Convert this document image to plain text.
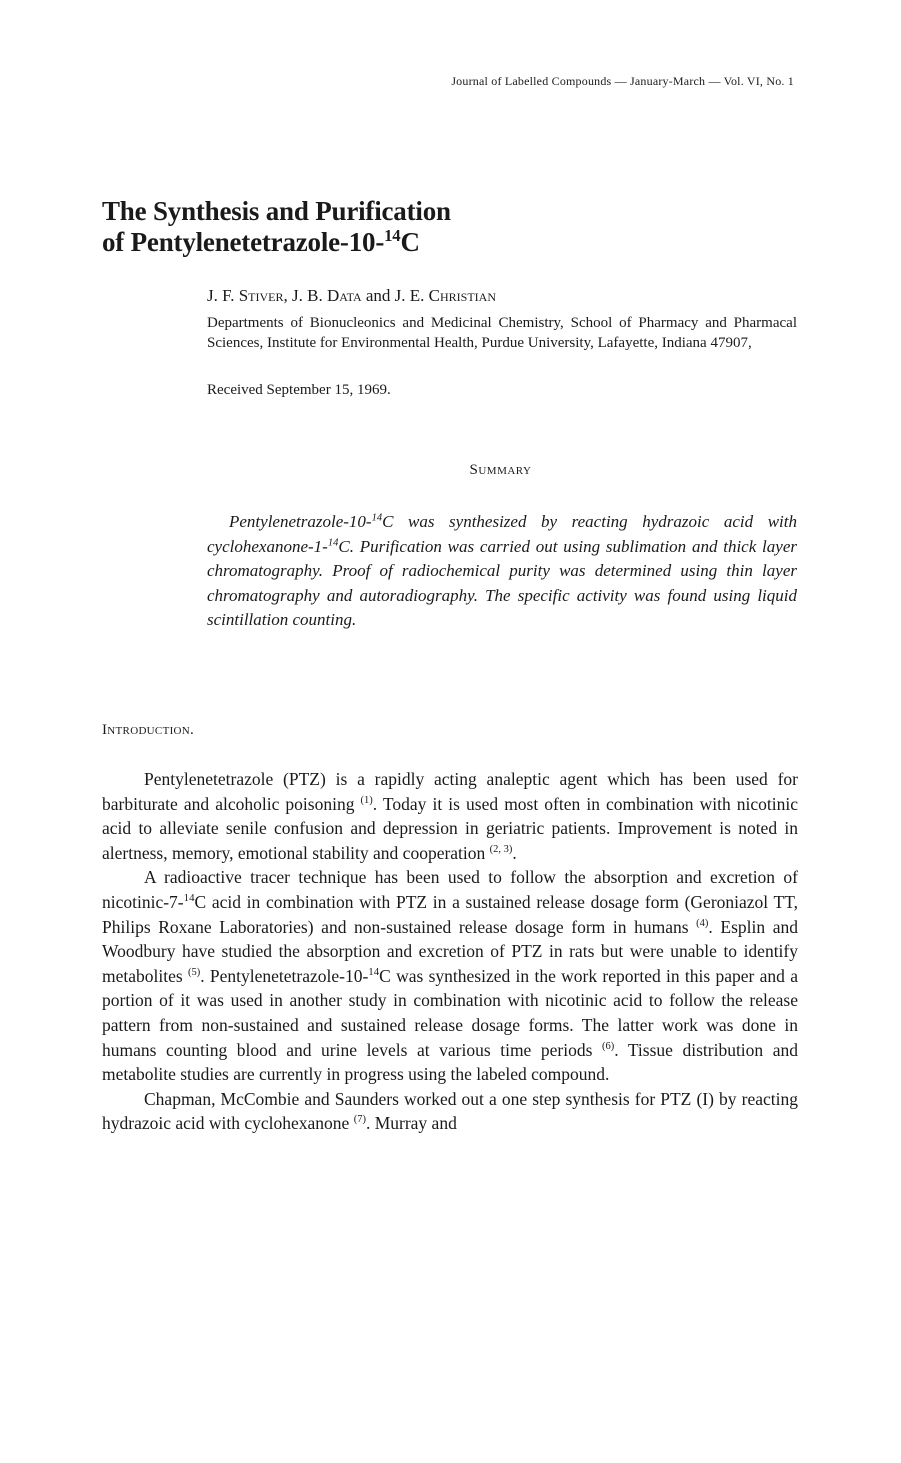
Journal of Labelled Compounds — January-March — Vol. VI, No. 1
The Synthesis and Purification
of Pentylenetetrazole-10-$^{14}$C
J. F. Stiver, J. B. Data and J. E. Christian
Departments of Bionucleonics and Medicinal Chemistry, School of Pharmacy and Pharmacal Sciences, Institute for Environmental Health, Purdue University, Lafayette, Indiana 47907,
Received September 15, 1969.
Summary

Pentylenetrazole-10-$^{14}$C was synthesized by reacting hydrazoic acid with cyclohexanone-1-$^{14}$C. Purification was carried out using sublimation and thick layer chromatography. Proof of radiochemical purity was determined using thin layer chromatography and autoradiography. The specific activity was found using liquid scintillation counting.

Introduction.

Pentylenetetrazole (PTZ) is a rapidly acting analeptic agent which has been used for barbiturate and alcoholic poisoning $^{(1)}$. Today it is used most often in combination with nicotinic acid to alleviate senile confusion and depression in geriatric patients. Improvement is noted in alertness, memory, emotional stability and cooperation $^{(2, 3)}$.

A radioactive tracer technique has been used to follow the absorption and excretion of nicotinic-7-$^{14}$C acid in combination with PTZ in a sustained release dosage form (Geroniazol TT, Philips Roxane Laboratories) and non-sustained release dosage form in humans $^{(4)}$. Esplin and Woodbury have studied the absorption and excretion of PTZ in rats but were unable to identify metabolites $^{(5)}$. Pentylenetetrazole-10-$^{14}$C was synthesized in the work reported in this paper and a portion of it was used in another study in combination with nicotinic acid to follow the release pattern from non-sustained and sustained release dosage forms. The latter work was done in humans counting blood and urine levels at various time periods $^{(6)}$. Tissue distribution and metabolite studies are currently in progress using the labeled compound.

Chapman, McCombie and Saunders worked out a one step synthesis for PTZ (I) by reacting hydrazoic acid with cyclohexanone $^{(7)}$. Murray and
